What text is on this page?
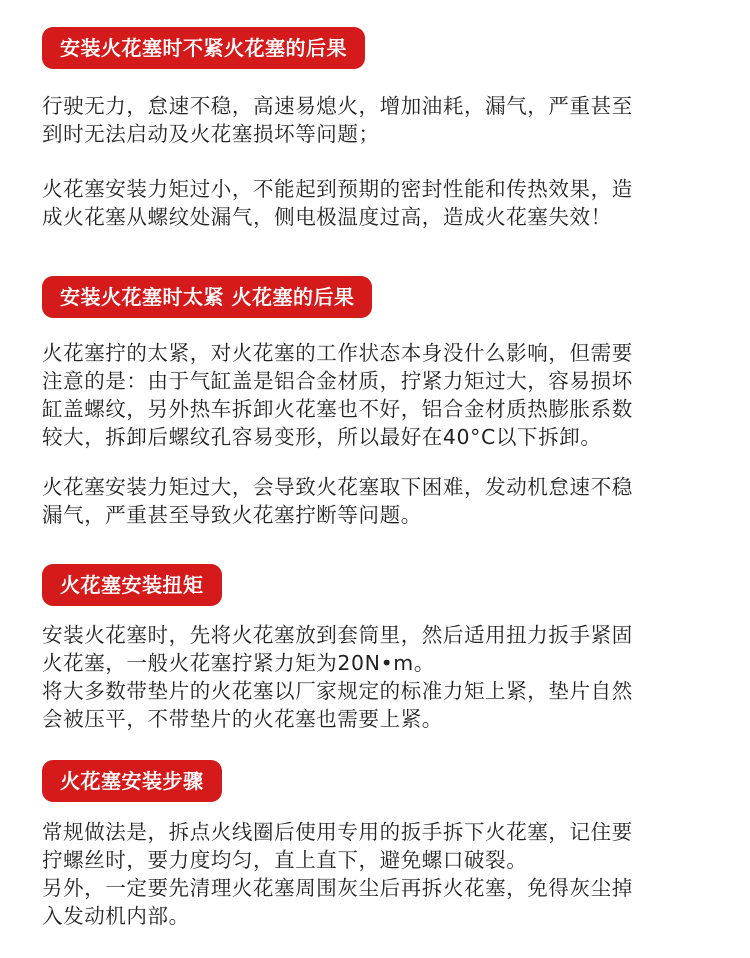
安装火花塞时不紧火花塞的后果
行驶无力，怠速不稳，高速易熄火，增加油耗，漏气，严重甚至
到时无法启动及火花塞损坏等问题；
火花塞安装力矩过小，不能起到预期的密封性能和传热效果，造
成火花塞从螺纹处漏气，侧电极温度过高，造成火花塞失效！
安装火花塞时太紧 火花塞的后果
火花塞拧的太紧，对火花塞的工作状态本身没什么影响，但需要
注意的是：由于气缸盖是铝合金材质，拧紧力矩过大，容易损坏
缸盖螺纹，另外热车拆卸火花塞也不好，铝合金材质热膨胀系数
较大，拆卸后螺纹孔容易变形，所以最好在40°C以下拆卸。
火花塞安装力矩过大，会导致火花塞取下困难，发动机怠速不稳
漏气，严重甚至导致火花塞拧断等问题。
火花塞安装扭矩
安装火花塞时，先将火花塞放到套筒里，然后适用扭力扳手紧固
火花塞，一般火花塞拧紧力矩为20N•m。
将大多数带垫片的火花塞以厂家规定的标准力矩上紧，垫片自然
会被压平，不带垫片的火花塞也需要上紧。
火花塞安装步骤
常规做法是，拆点火线圈后使用专用的扳手拆下火花塞，记住要
拧螺丝时，要力度均匀，直上直下，避免螺口破裂。
另外，一定要先清理火花塞周围灰尘后再拆火花塞，免得灰尘掉
入发动机内部。
